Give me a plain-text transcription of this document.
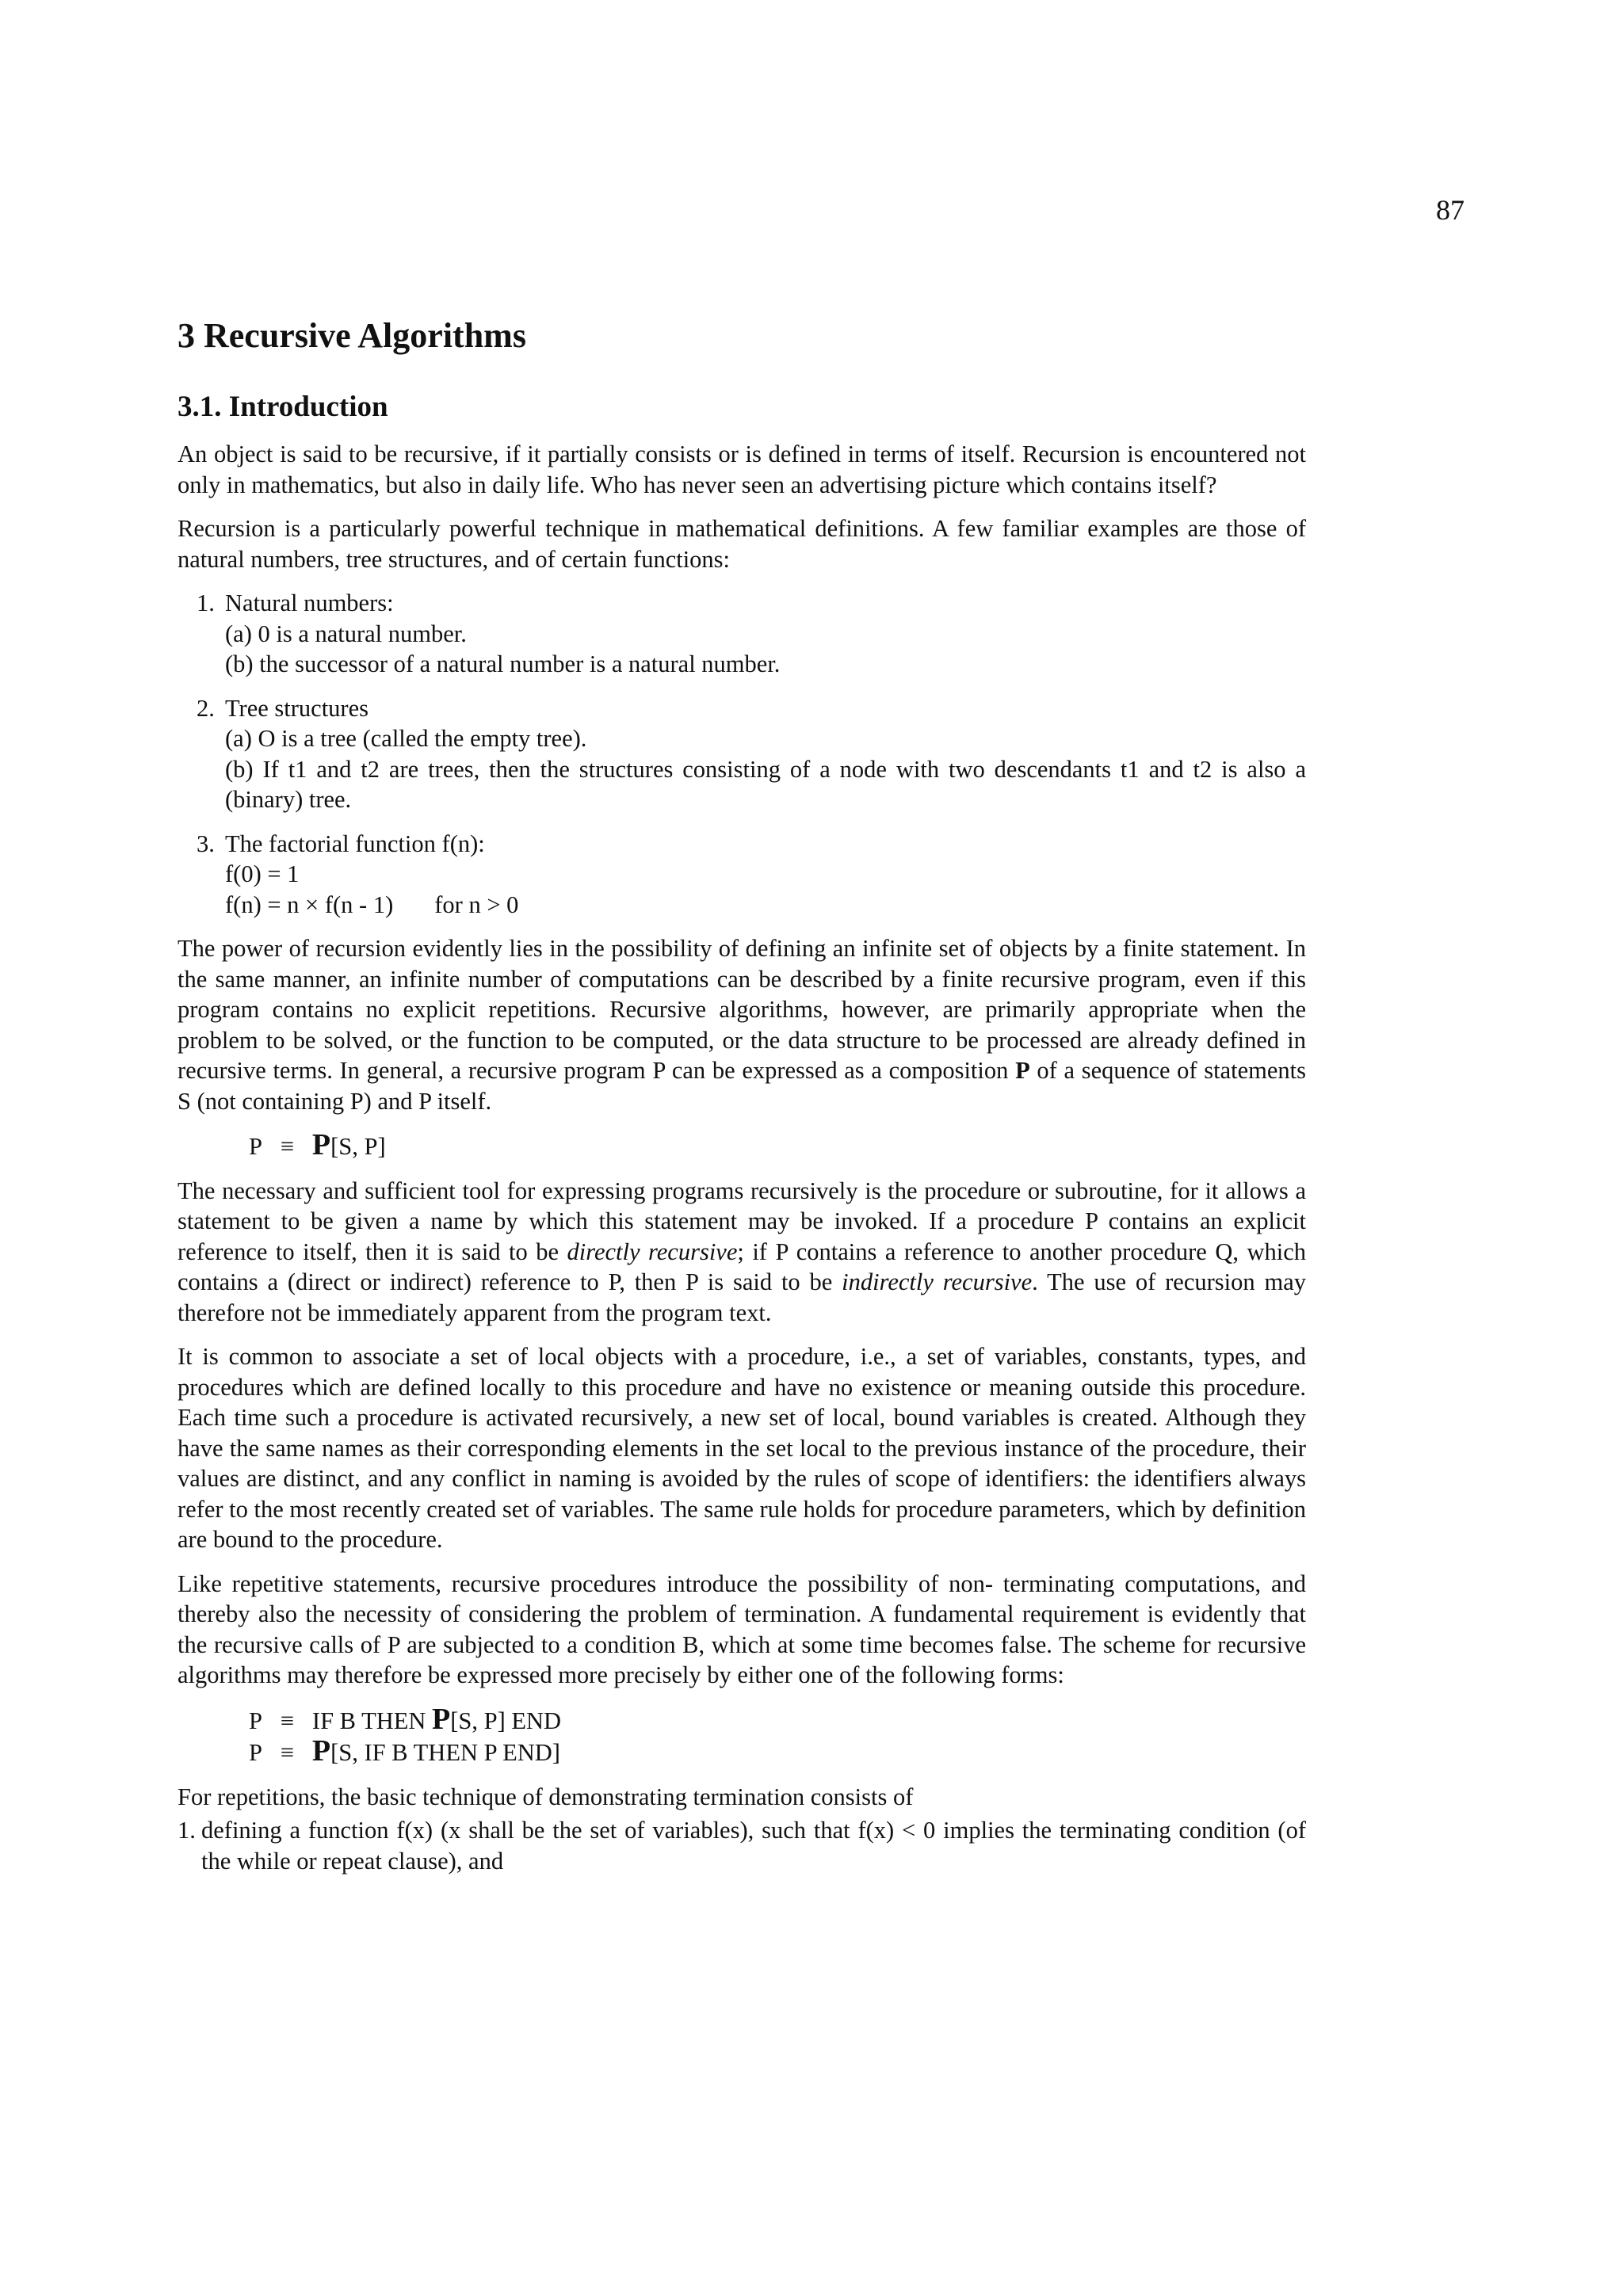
87
3 Recursive Algorithms
3.1. Introduction

An object is said to be recursive, if it partially consists or is defined in terms of itself. Recursion is encountered not only in mathematics, but also in daily life. Who has never seen an advertising picture which contains itself?

Recursion is a particularly powerful technique in mathematical definitions. A few familiar examples are those of natural numbers, tree structures, and of certain functions:

1. Natural numbers:
(a) 0 is a natural number.
(b) the successor of a natural number is a natural number.
2. Tree structures
(a) O is a tree (called the empty tree).
(b) If t1 and t2 are trees, then the structures consisting of a node with two descendants t1 and t2 is also a (binary) tree.
3. The factorial function f(n):
f(0) = 1
f(n) = n × f(n - 1) for n > 0

The power of recursion evidently lies in the possibility of defining an infinite set of objects by a finite statement. In the same manner, an infinite number of computations can be described by a finite recursive program, even if this program contains no explicit repetitions. Recursive algorithms, however, are primarily appropriate when the problem to be solved, or the function to be computed, or the data structure to be processed are already defined in recursive terms. In general, a recursive program P can be expressed as a composition P of a sequence of statements S (not containing P) and P itself.

P ≡ P[S, P]

The necessary and sufficient tool for expressing programs recursively is the procedure or subroutine, for it allows a statement to be given a name by which this statement may be invoked. If a procedure P contains an explicit reference to itself, then it is said to be directly recursive; if P contains a reference to another procedure Q, which contains a (direct or indirect) reference to P, then P is said to be indirectly recursive. The use of recursion may therefore not be immediately apparent from the program text.

It is common to associate a set of local objects with a procedure, i.e., a set of variables, constants, types, and procedures which are defined locally to this procedure and have no existence or meaning outside this procedure. Each time such a procedure is activated recursively, a new set of local, bound variables is created. Although they have the same names as their corresponding elements in the set local to the previous instance of the procedure, their values are distinct, and any conflict in naming is avoided by the rules of scope of identifiers: the identifiers always refer to the most recently created set of variables. The same rule holds for procedure parameters, which by definition are bound to the procedure.

Like repetitive statements, recursive procedures introduce the possibility of non- terminating computations, and thereby also the necessity of considering the problem of termination. A fundamental requirement is evidently that the recursive calls of P are subjected to a condition B, which at some time becomes false. The scheme for recursive algorithms may therefore be expressed more precisely by either one of the following forms:

P ≡ IF B THEN P[S, P] END
P ≡ P[S, IF B THEN P END]

For repetitions, the basic technique of demonstrating termination consists of

1. defining a function f(x) (x shall be the set of variables), such that f(x) < 0 implies the terminating condition (of the while or repeat clause), and
